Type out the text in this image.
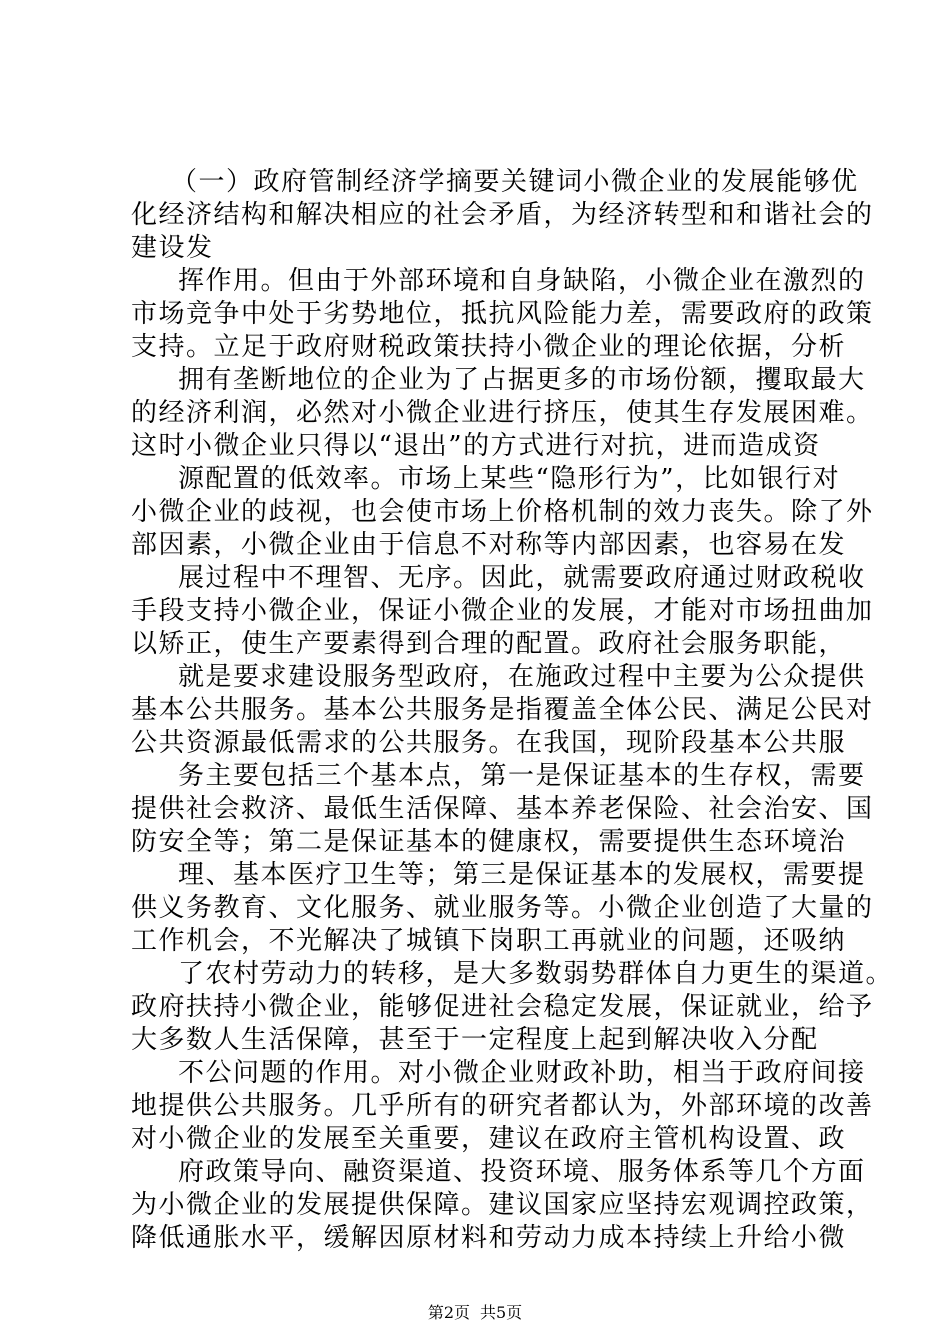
（一）政府管制经济学摘要关键词小微企业的发展能够优
化经济结构和解决相应的社会矛盾，为经济转型和和谐社会的
建设发

挥作用。但由于外部环境和自身缺陷，小微企业在激烈的
市场竞争中处于劣势地位，抵抗风险能力差，需要政府的政策
支持。立足于政府财税政策扶持小微企业的理论依据，分析

拥有垄断地位的企业为了占据更多的市场份额，攫取最大
的经济利润，必然对小微企业进行挤压，使其生存发展困难。
这时小微企业只得以“退出”的方式进行对抗，进而造成资

源配置的低效率。市场上某些“隐形行为”，比如银行对
小微企业的歧视，也会使市场上价格机制的效力丧失。除了外
部因素，小微企业由于信息不对称等内部因素，也容易在发

展过程中不理智、无序。因此，就需要政府通过财政税收
手段支持小微企业，保证小微企业的发展，才能对市场扭曲加
以矫正，使生产要素得到合理的配置。政府社会服务职能，

就是要求建设服务型政府，在施政过程中主要为公众提供
基本公共服务。基本公共服务是指覆盖全体公民、满足公民对
公共资源最低需求的公共服务。在我国，现阶段基本公共服

务主要包括三个基本点，第一是保证基本的生存权，需要
提供社会救济、最低生活保障、基本养老保险、社会治安、国
防安全等；第二是保证基本的健康权，需要提供生态环境治

理、基本医疗卫生等；第三是保证基本的发展权，需要提
供义务教育、文化服务、就业服务等。小微企业创造了大量的
工作机会，不光解决了城镇下岗职工再就业的问题，还吸纳

了农村劳动力的转移，是大多数弱势群体自力更生的渠道。
政府扶持小微企业，能够促进社会稳定发展，保证就业，给予
大多数人生活保障，甚至于一定程度上起到解决收入分配

不公问题的作用。对小微企业财政补助，相当于政府间接
地提供公共服务。几乎所有的研究者都认为，外部环境的改善
对小微企业的发展至关重要，建议在政府主管机构设置、政

府政策导向、融资渠道、投资环境、服务体系等几个方面
为小微企业的发展提供保障。建议国家应坚持宏观调控政策，
降低通胀水平，缓解因原材料和劳动力成本持续上升给小微

第2页 共5页
